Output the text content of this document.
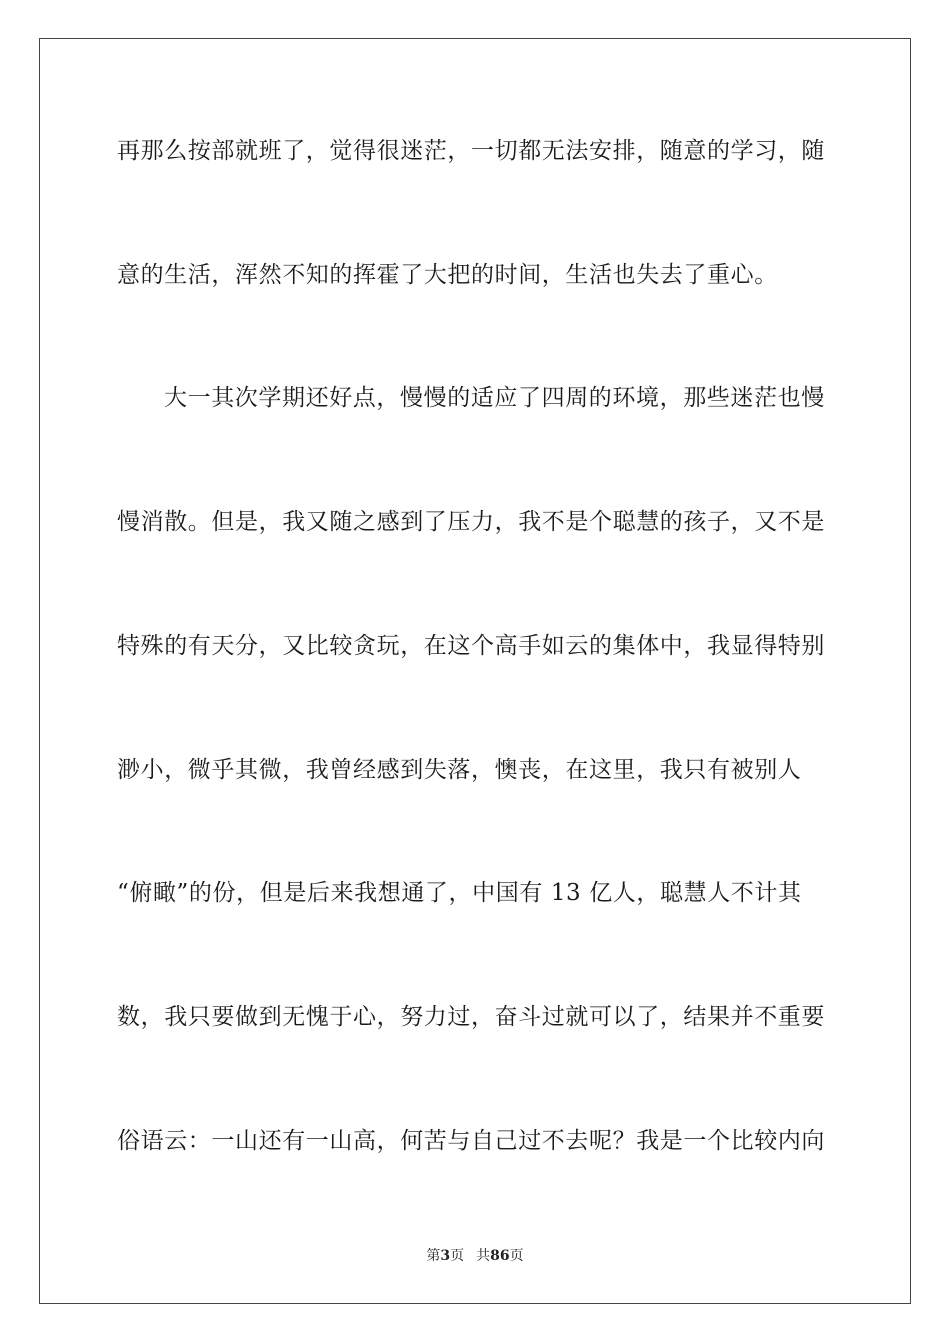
再那么按部就班了，觉得很迷茫，一切都无法安排，随意的学习，随
意的生活，浑然不知的挥霍了大把的时间，生活也失去了重心。
大一其次学期还好点，慢慢的适应了四周的环境，那些迷茫也慢
慢消散。但是，我又随之感到了压力，我不是个聪慧的孩子，又不是
特殊的有天分，又比较贪玩，在这个高手如云的集体中，我显得特别
渺小，微乎其微，我曾经感到失落，懊丧，在这里，我只有被别人
“俯瞰”的份，但是后来我想通了，中国有 13 亿人，聪慧人不计其
数，我只要做到无愧于心，努力过，奋斗过就可以了，结果并不重要
俗语云：一山还有一山高，何苦与自己过不去呢？我是一个比较内向
第3页 共86页
